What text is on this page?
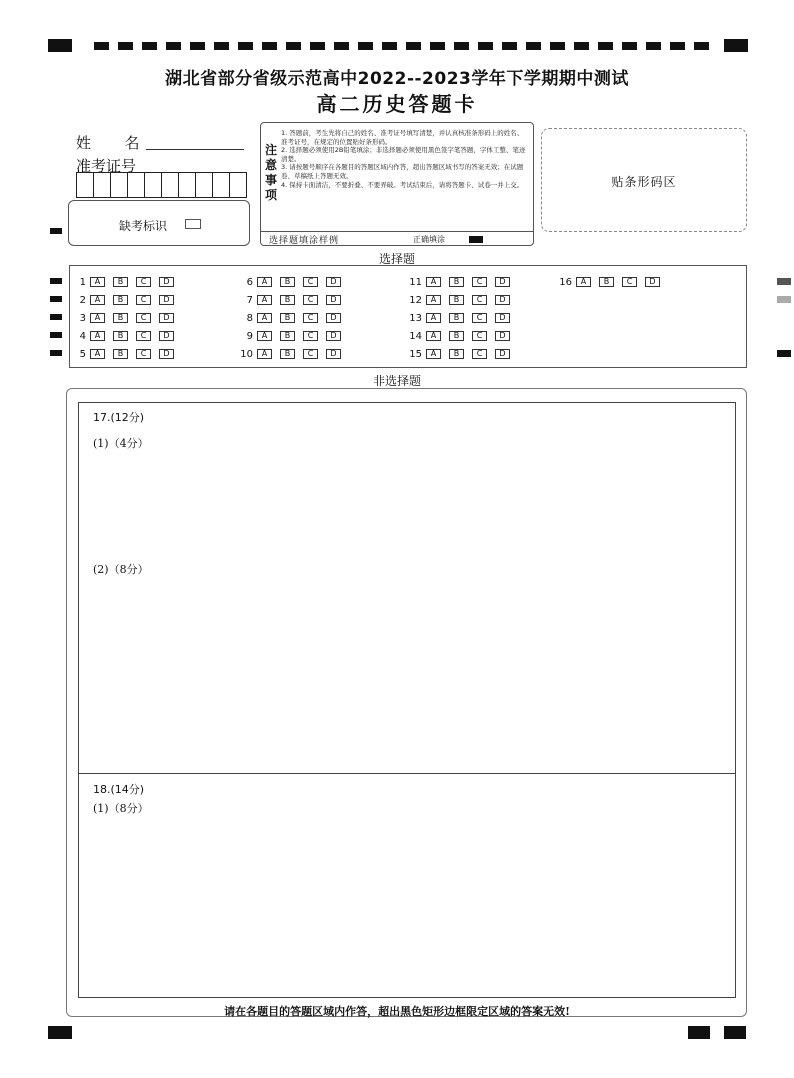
湖北省部分省级示范高中2022--2023学年下学期期中测试
高二历史答题卡
姓  名
准考证号
缺考标识
注意事项
1. 答题前，考生先将自己的姓名、准考证号填写清楚，并认真核准条形码上的姓名、准考证号，在规定的位置贴好条形码。
2. 选择题必须使用2B铅笔填涂；非选择题必须使用黑色签字笔答题，字体工整、笔迹清楚。
3. 请按题号顺序在各题目的答题区域内作答，超出答题区域书写的答案无效；在试题卷、草稿纸上答题无效。
4. 保持卡面清洁，不要折叠、不要弄破。考试结束后，请将答题卡、试卷一并上交。
选择题填涂样例	正确填涂
贴条形码区
选择题
1	A	B	C	D
2	A	B	C	D
3	A	B	C	D
4	A	B	C	D
5	A	B	C	D
6	A	B	C	D
7	A	B	C	D
8	A	B	C	D
9	A	B	C	D
10	A	B	C	D
11	A	B	C	D
12	A	B	C	D
13	A	B	C	D
14	A	B	C	D
15	A	B	C	D
16	A	B	C	D
非选择题
17.(12分)
(1)（4分）
(2)（8分）
18.(14分)
(1)（8分）
请在各题目的答题区域内作答，超出黑色矩形边框限定区域的答案无效!
